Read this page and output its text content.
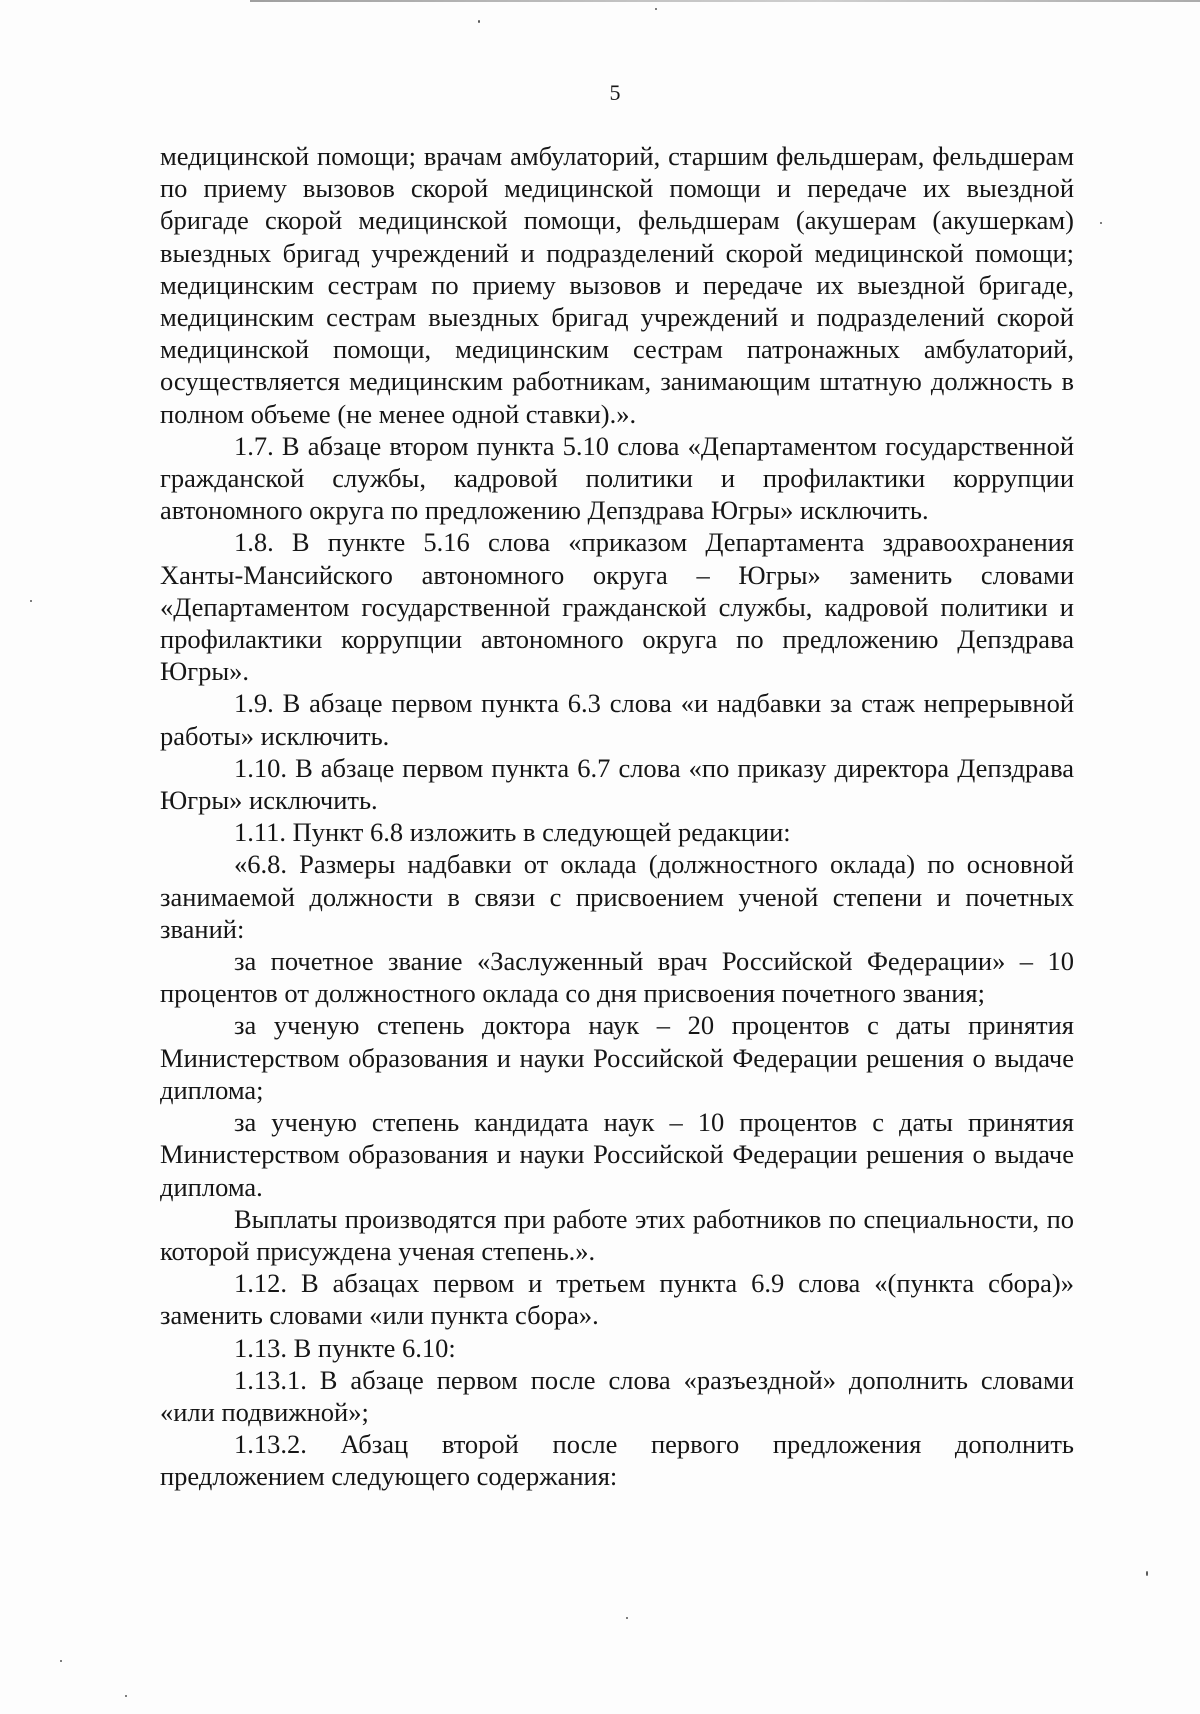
5

медицинской помощи; врачам амбулаторий, старшим фельдшерам, фельдшерам по приему вызовов скорой медицинской помощи и передаче их выездной бригаде скорой медицинской помощи, фельдшерам (акушерам (акушеркам) выездных бригад учреждений и подразделений скорой медицинской помощи; медицинским сестрам по приему вызовов и передаче их выездной бригаде, медицинским сестрам выездных бригад учреждений и подразделений скорой медицинской помощи, медицинским сестрам патронажных амбулаторий, осуществляется медицинским работникам, занимающим штатную должность в полном объеме (не менее одной ставки).».

1.7. В абзаце втором пункта 5.10 слова «Департаментом государственной гражданской службы, кадровой политики и профилактики коррупции автономного округа по предложению Депздрава Югры» исключить.

1.8. В пункте 5.16 слова «приказом Департамента здравоохранения Ханты-Мансийского автономного округа – Югры» заменить словами «Департаментом государственной гражданской службы, кадровой политики и профилактики коррупции автономного округа по предложению Депздрава Югры».

1.9. В абзаце первом пункта 6.3 слова «и надбавки за стаж непрерывной работы» исключить.

1.10. В абзаце первом пункта 6.7 слова «по приказу директора Депздрава Югры» исключить.

1.11. Пункт 6.8 изложить в следующей редакции:

«6.8. Размеры надбавки от оклада (должностного оклада) по основной занимаемой должности в связи с присвоением ученой степени и почетных званий:

за почетное звание «Заслуженный врач Российской Федерации» – 10 процентов от должностного оклада со дня присвоения почетного звания;

за ученую степень доктора наук – 20 процентов с даты принятия Министерством образования и науки Российской Федерации решения о выдаче диплома;

за ученую степень кандидата наук – 10 процентов с даты принятия Министерством образования и науки Российской Федерации решения о выдаче диплома.

Выплаты производятся при работе этих работников по специальности, по которой присуждена ученая степень.».

1.12. В абзацах первом и третьем пункта 6.9 слова «(пункта сбора)» заменить словами «или пункта сбора».

1.13. В пункте 6.10:

1.13.1. В абзаце первом после слова «разъездной» дополнить словами «или подвижной»;

1.13.2. Абзац второй после первого предложения дополнить предложением следующего содержания:
